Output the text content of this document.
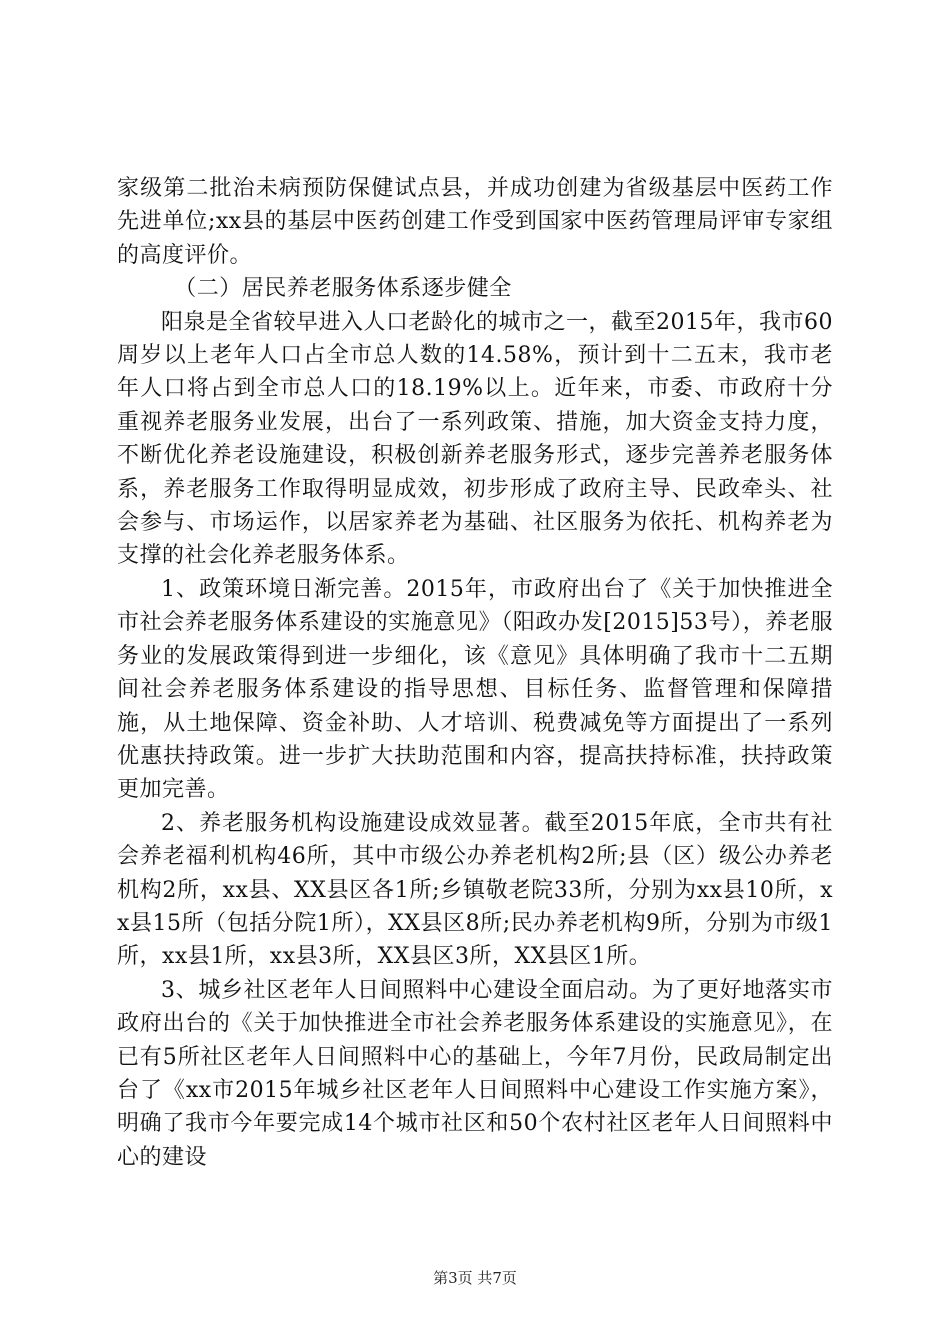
家级第二批治未病预防保健试点县，并成功创建为省级基层中医药工作先进单位;xx县的基层中医药创建工作受到国家中医药管理局评审专家组的高度评价。

（二）居民养老服务体系逐步健全

阳泉是全省较早进入人口老龄化的城市之一，截至2015年，我市60周岁以上老年人口占全市总人数的14.58%，预计到十二五末，我市老年人口将占到全市总人口的18.19%以上。近年来，市委、市政府十分重视养老服务业发展，出台了一系列政策、措施，加大资金支持力度，不断优化养老设施建设，积极创新养老服务形式，逐步完善养老服务体系，养老服务工作取得明显成效，初步形成了政府主导、民政牵头、社会参与、市场运作，以居家养老为基础、社区服务为依托、机构养老为支撑的社会化养老服务体系。

1、政策环境日渐完善。2015年，市政府出台了《关于加快推进全市社会养老服务体系建设的实施意见》（阳政办发[2015]53号），养老服务业的发展政策得到进一步细化，该《意见》具体明确了我市十二五期间社会养老服务体系建设的指导思想、目标任务、监督管理和保障措施，从土地保障、资金补助、人才培训、税费减免等方面提出了一系列优惠扶持政策。进一步扩大扶助范围和内容，提高扶持标准，扶持政策更加完善。

2、养老服务机构设施建设成效显著。截至2015年底，全市共有社会养老福利机构46所，其中市级公办养老机构2所;县（区）级公办养老机构2所，xx县、XX县区各1所;乡镇敬老院33所，分别为xx县10所，xx县15所（包括分院1所），XX县区8所;民办养老机构9所，分别为市级1所，xx县1所，xx县3所，XX县区3所，XX县区1所。

3、城乡社区老年人日间照料中心建设全面启动。为了更好地落实市政府出台的《关于加快推进全市社会养老服务体系建设的实施意见》，在已有5所社区老年人日间照料中心的基础上，今年7月份，民政局制定出台了《xx市2015年城乡社区老年人日间照料中心建设工作实施方案》，明确了我市今年要完成14个城市社区和50个农村社区老年人日间照料中心的建设

第3页 共7页
